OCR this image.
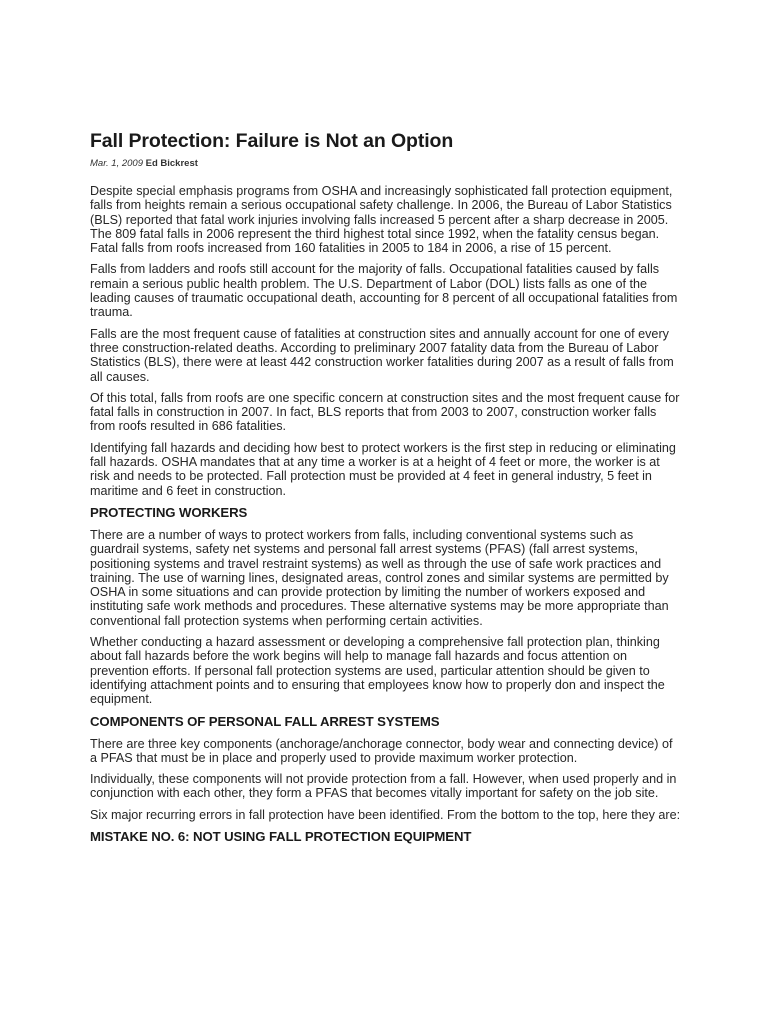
Fall Protection: Failure is Not an Option
Mar. 1, 2009 Ed Bickrest

Despite special emphasis programs from OSHA and increasingly sophisticated fall protection equipment, falls from heights remain a serious occupational safety challenge. In 2006, the Bureau of Labor Statistics (BLS) reported that fatal work injuries involving falls increased 5 percent after a sharp decrease in 2005. The 809 fatal falls in 2006 represent the third highest total since 1992, when the fatality census began. Fatal falls from roofs increased from 160 fatalities in 2005 to 184 in 2006, a rise of 15 percent.

Falls from ladders and roofs still account for the majority of falls. Occupational fatalities caused by falls remain a serious public health problem. The U.S. Department of Labor (DOL) lists falls as one of the leading causes of traumatic occupational death, accounting for 8 percent of all occupational fatalities from trauma.

Falls are the most frequent cause of fatalities at construction sites and annually account for one of every three construction-related deaths. According to preliminary 2007 fatality data from the Bureau of Labor Statistics (BLS), there were at least 442 construction worker fatalities during 2007 as a result of falls from all causes.

Of this total, falls from roofs are one specific concern at construction sites and the most frequent cause for fatal falls in construction in 2007. In fact, BLS reports that from 2003 to 2007, construction worker falls from roofs resulted in 686 fatalities.

Identifying fall hazards and deciding how best to protect workers is the first step in reducing or eliminating fall hazards. OSHA mandates that at any time a worker is at a height of 4 feet or more, the worker is at risk and needs to be protected. Fall protection must be provided at 4 feet in general industry, 5 feet in maritime and 6 feet in construction.

PROTECTING WORKERS

There are a number of ways to protect workers from falls, including conventional systems such as guardrail systems, safety net systems and personal fall arrest systems (PFAS) (fall arrest systems, positioning systems and travel restraint systems) as well as through the use of safe work practices and training. The use of warning lines, designated areas, control zones and similar systems are permitted by OSHA in some situations and can provide protection by limiting the number of workers exposed and instituting safe work methods and procedures. These alternative systems may be more appropriate than conventional fall protection systems when performing certain activities.

Whether conducting a hazard assessment or developing a comprehensive fall protection plan, thinking about fall hazards before the work begins will help to manage fall hazards and focus attention on prevention efforts. If personal fall protection systems are used, particular attention should be given to identifying attachment points and to ensuring that employees know how to properly don and inspect the equipment.

COMPONENTS OF PERSONAL FALL ARREST SYSTEMS

There are three key components (anchorage/anchorage connector, body wear and connecting device) of a PFAS that must be in place and properly used to provide maximum worker protection.

Individually, these components will not provide protection from a fall. However, when used properly and in conjunction with each other, they form a PFAS that becomes vitally important for safety on the job site.

Six major recurring errors in fall protection have been identified. From the bottom to the top, here they are:

MISTAKE NO. 6: NOT USING FALL PROTECTION EQUIPMENT
